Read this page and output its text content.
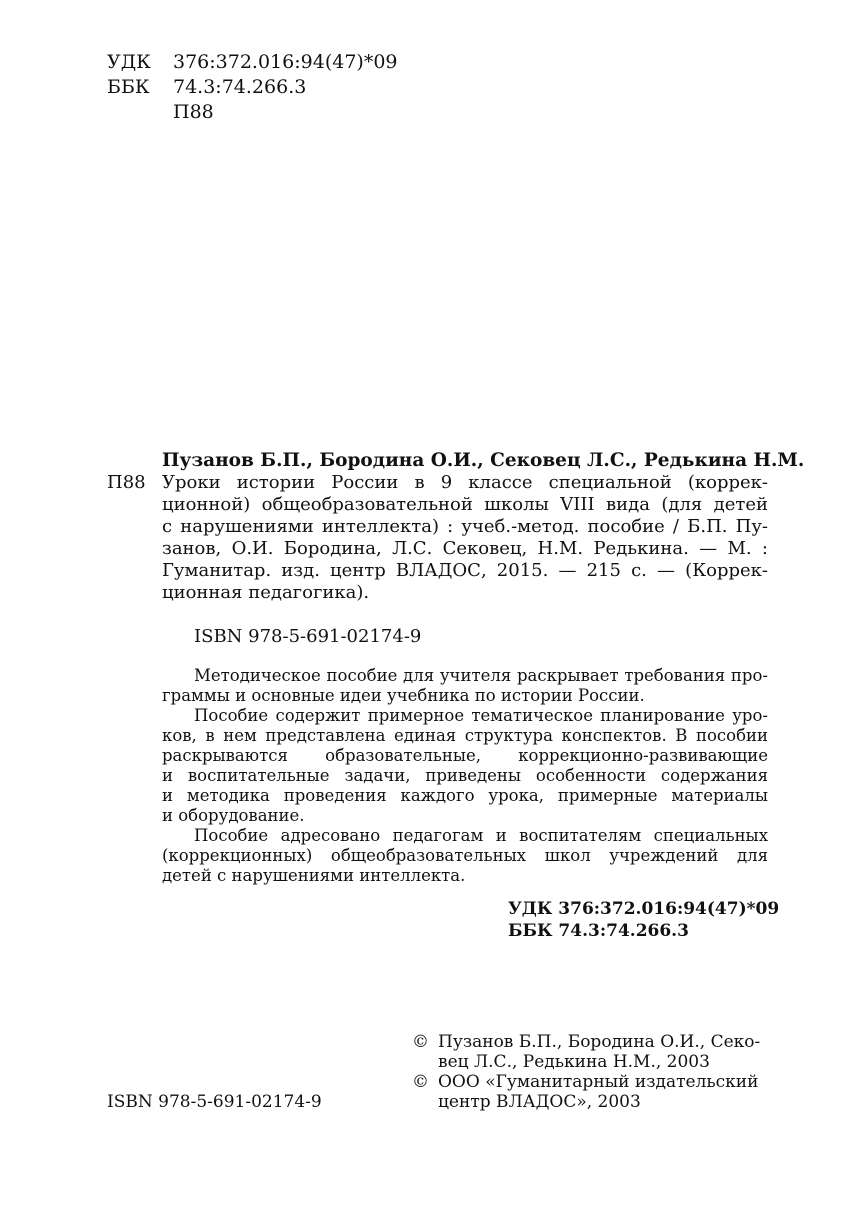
УДК 376:372.016:94(47)*09
ББК 74.3:74.266.3
П88
Пузанов Б.П., Бородина О.И., Сековец Л.С., Редькина Н.М.
П88 Уроки истории России в 9 классе специальной (коррек-
ционной) общеобразовательной школы VIII вида (для детей
с нарушениями интеллекта) : учеб.-метод. пособие / Б.П. Пу-
занов, О.И. Бородина, Л.С. Сековец, Н.М. Редькина. — М. :
Гуманитар. изд. центр ВЛАДОС, 2015. — 215 с. — (Коррек-
ционная педагогика).
ISBN 978-5-691-02174-9
Методическое пособие для учителя раскрывает требования про-
граммы и основные идеи учебника по истории России.
Пособие содержит примерное тематическое планирование уро-
ков, в нем представлена единая структура конспектов. В пособии
раскрываются образовательные, коррекционно-развивающие
и воспитательные задачи, приведены особенности содержания
и методика проведения каждого урока, примерные материалы
и оборудование.
Пособие адресовано педагогам и воспитателям специальных
(коррекционных) общеобразовательных школ учреждений для
детей с нарушениями интеллекта.
УДК 376:372.016:94(47)*09
ББК 74.3:74.266.3
ISBN 978-5-691-02174-9
© Пузанов Б.П., Бородина О.И., Секо-
вец Л.С., Редькина Н.М., 2003
© ООО «Гуманитарный издательский
центр ВЛАДОС», 2003
